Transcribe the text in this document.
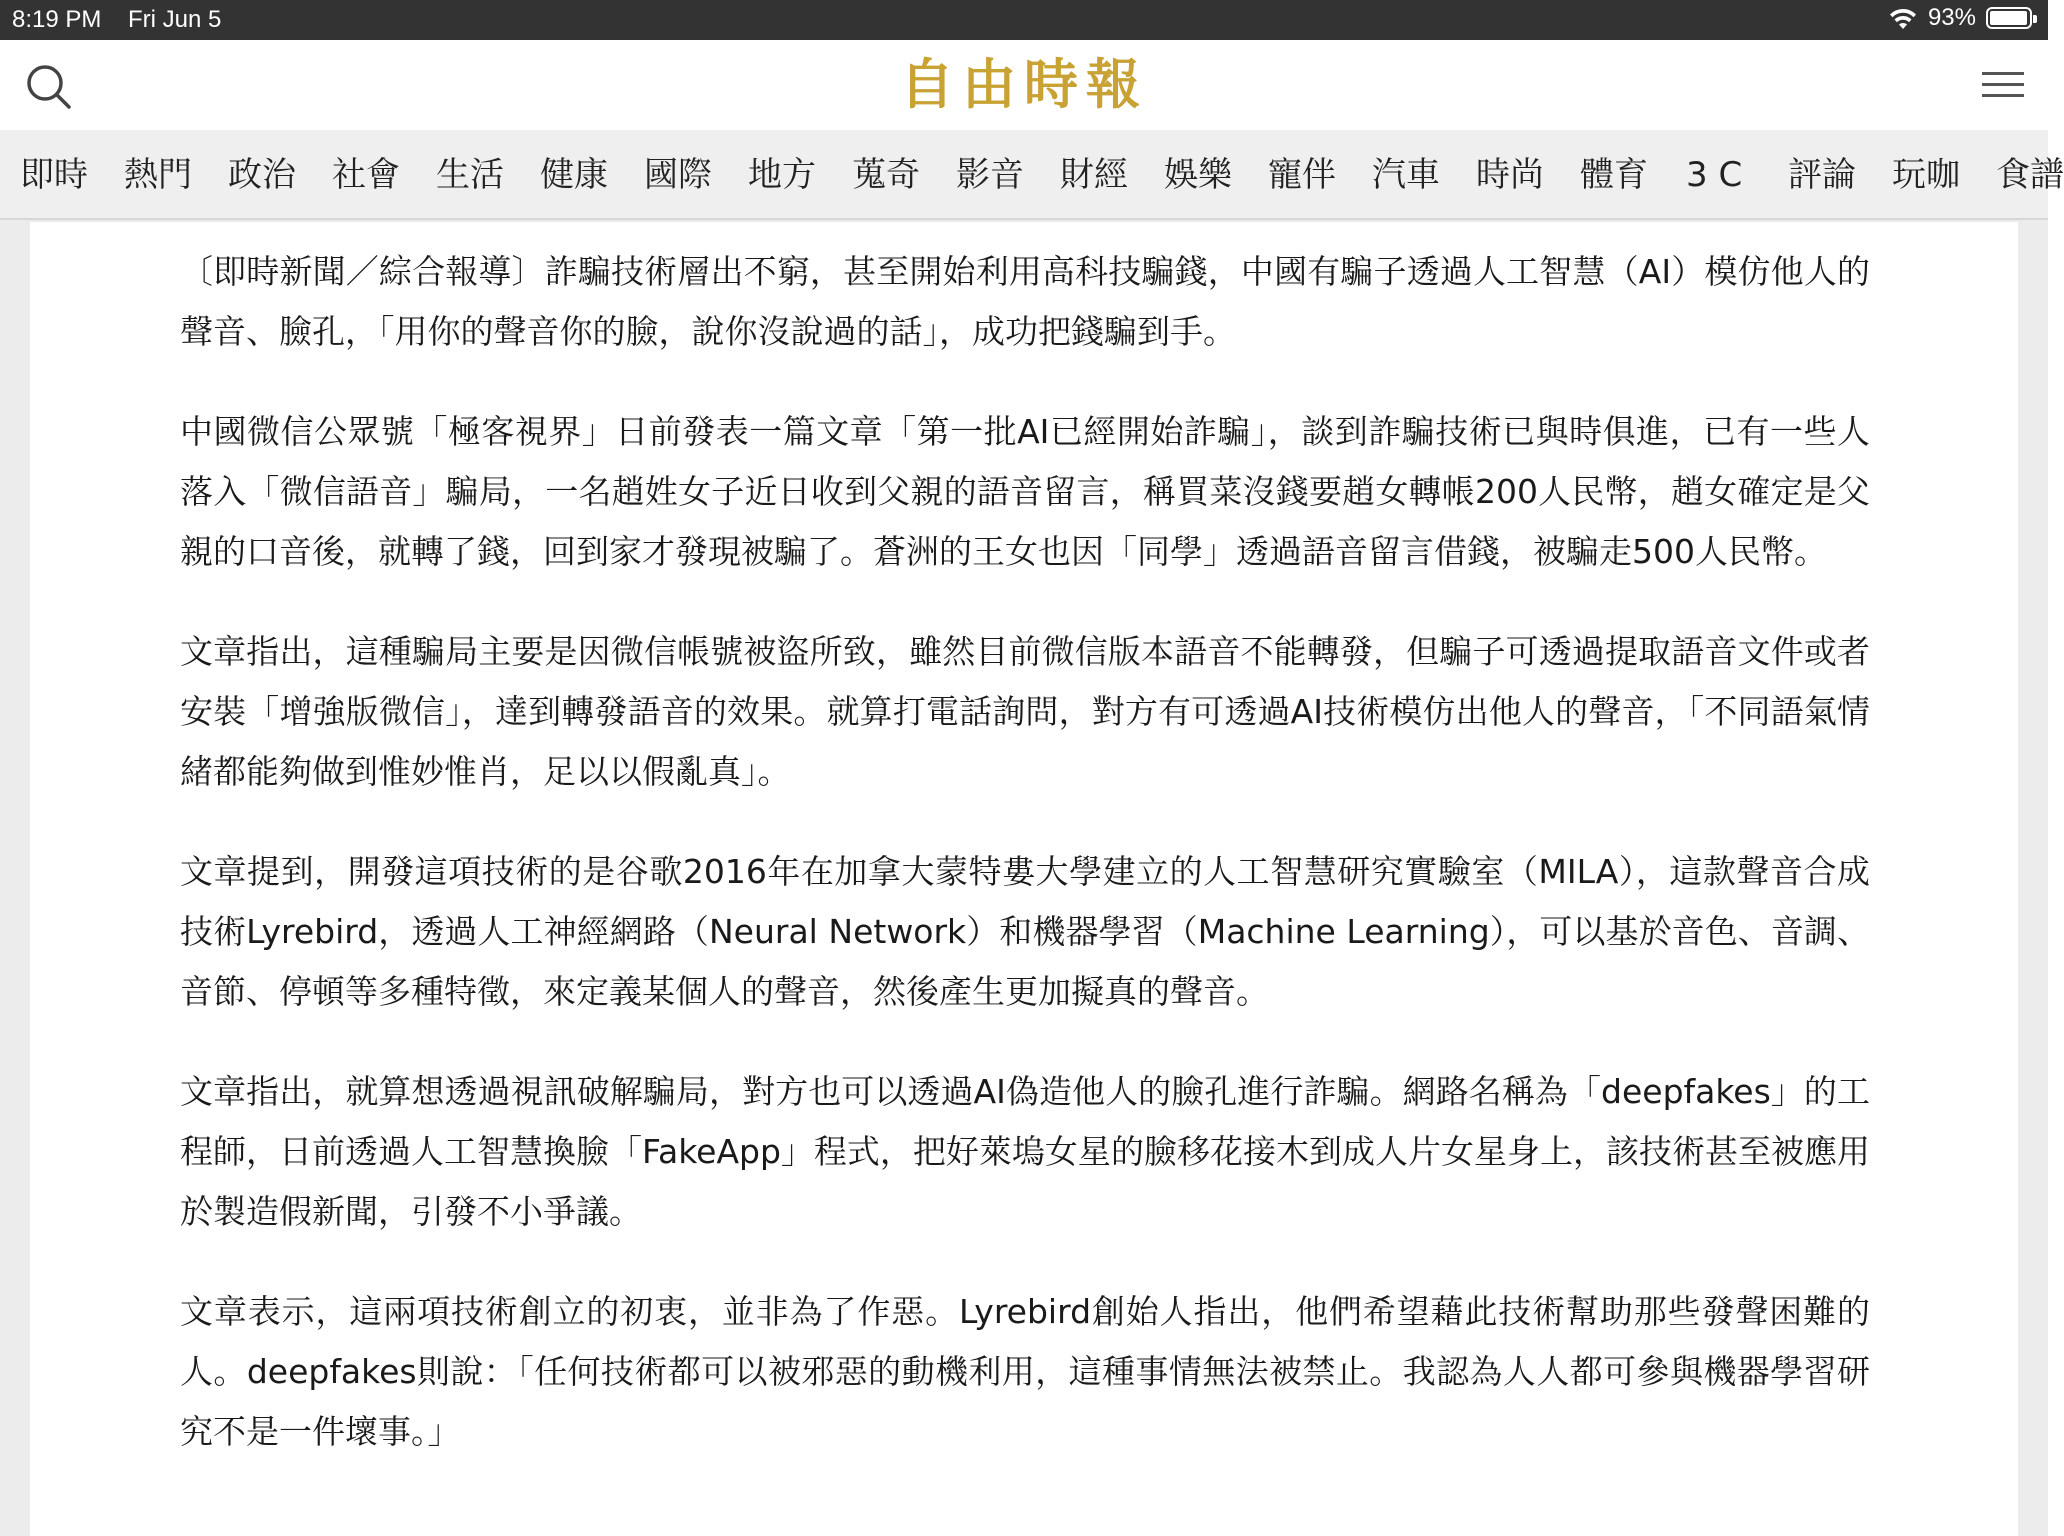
8:19 PM Fri Jun 5	93%
自由時報
即時 熱門 政治 社會 生活 健康 國際 地方 蒐奇 影音 財經 娛樂 寵伴 汽車 時尚 體育 3 C 評論 玩咖 食譜

〔即時新聞／綜合報導〕詐騙技術層出不窮，甚至開始利用高科技騙錢，中國有騙子透過人工智慧（AI）模仿他人的聲音、臉孔，「用你的聲音你的臉，說你沒說過的話」，成功把錢騙到手。

中國微信公眾號「極客視界」日前發表一篇文章「第一批AI已經開始詐騙」，談到詐騙技術已與時俱進，已有一些人落入「微信語音」騙局，一名趙姓女子近日收到父親的語音留言，稱買菜沒錢要趙女轉帳200人民幣，趙女確定是父親的口音後，就轉了錢，回到家才發現被騙了。蒼洲的王女也因「同學」透過語音留言借錢，被騙走500人民幣。

文章指出，這種騙局主要是因微信帳號被盜所致，雖然目前微信版本語音不能轉發，但騙子可透過提取語音文件或者安裝「增強版微信」，達到轉發語音的效果。就算打電話詢問，對方有可透過AI技術模仿出他人的聲音，「不同語氣情緒都能夠做到惟妙惟肖，足以以假亂真」。

文章提到，開發這項技術的是谷歌2016年在加拿大蒙特婁大學建立的人工智慧研究實驗室（MILA），這款聲音合成技術Lyrebird，透過人工神經網路（Neural Network）和機器學習（Machine Learning），可以基於音色、音調、音節、停頓等多種特徵，來定義某個人的聲音，然後產生更加擬真的聲音。

文章指出，就算想透過視訊破解騙局，對方也可以透過AI偽造他人的臉孔進行詐騙。網路名稱為「deepfakes」的工程師，日前透過人工智慧換臉「FakeApp」程式，把好萊塢女星的臉移花接木到成人片女星身上，該技術甚至被應用於製造假新聞，引發不小爭議。

文章表示，這兩項技術創立的初衷，並非為了作惡。Lyrebird創始人指出，他們希望藉此技術幫助那些發聲困難的人。deepfakes則說：「任何技術都可以被邪惡的動機利用，這種事情無法被禁止。我認為人人都可參與機器學習研究不是一件壞事。」
